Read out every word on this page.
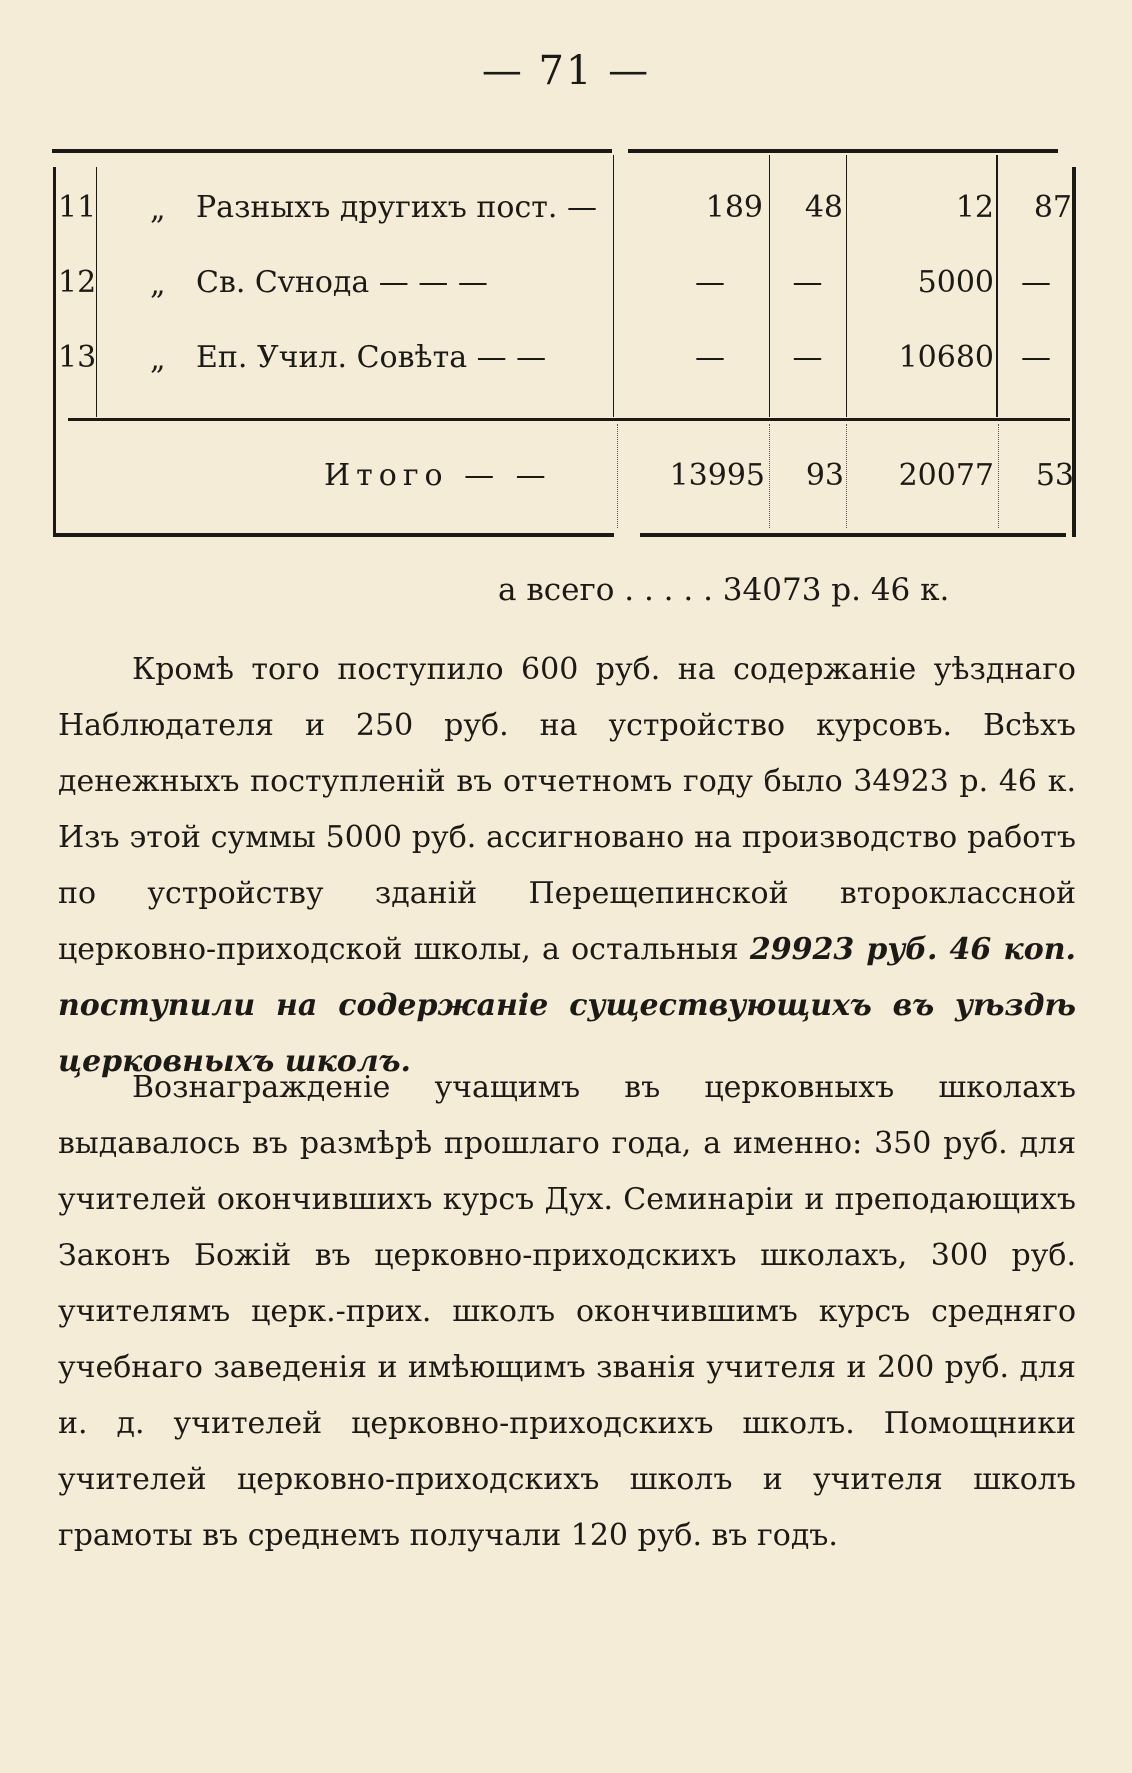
— 71 —
11 „ Разныхъ другихъ пост. —	189	48	12	87
12 „ Св. Сvнода — — —	—	—	5000 —
13 „ Еп. Учил. Совѣта — —	—	—	10680 —
Итого — —	13995	93	20077	53
а всего . . . . . 34073 р. 46 к.

Кромѣ того поступило 600 руб. на содержаніе уѣзднаго Наблюдателя и 250 руб. на устройство курсовъ. Всѣхъ денежныхъ поступленій въ отчетномъ году было 34923 р. 46 к. Изъ этой суммы 5000 руб. ассигновано на производство работъ по устройству зданій Перещепинской второклассной церковно-приходской школы, а остальныя 29923 руб. 46 коп. поступили на содержаніе существующихъ въ уѣздѣ церковныхъ школъ.

Вознагражденіе учащимъ въ церковныхъ школахъ выдавалось въ размѣрѣ прошлаго года, а именно: 350 руб. для учителей окончившихъ курсъ Дух. Семинаріи и преподающихъ Законъ Божій въ церковно-приходскихъ школахъ, 300 руб. учителямъ церк.-прих. школъ окончившимъ курсъ средняго учебнаго заведенія и имѣющимъ званія учителя и 200 руб. для и. д. учителей церковно-приходскихъ школъ. Помощники учителей церковно-приходскихъ школъ и учителя школъ грамоты въ среднемъ получали 120 руб. въ годъ.
